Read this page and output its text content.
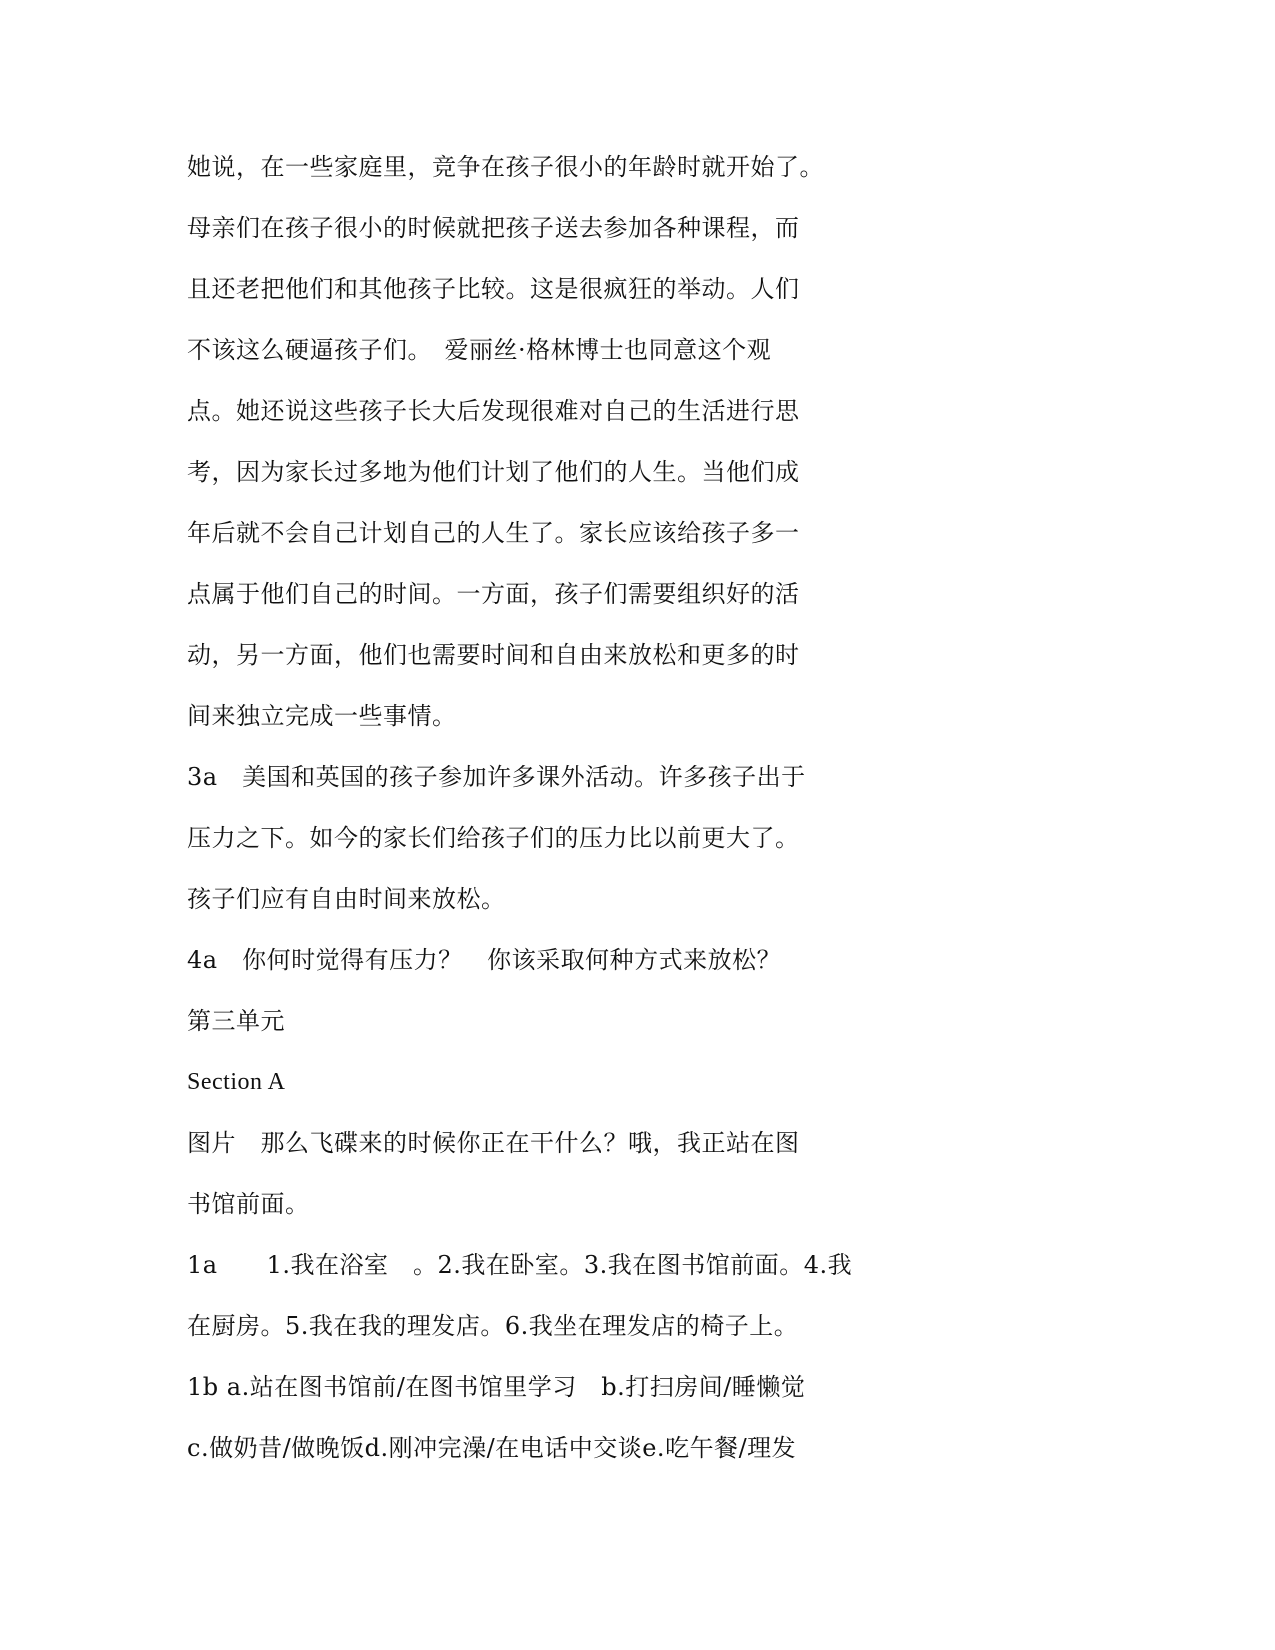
她说，在一些家庭里，竞争在孩子很小的年龄时就开始了。
母亲们在孩子很小的时候就把孩子送去参加各种课程，而
且还老把他们和其他孩子比较。这是很疯狂的举动。人们
不该这么硬逼孩子们。　爱丽丝·格林博士也同意这个观
点。她还说这些孩子长大后发现很难对自己的生活进行思
考，因为家长过多地为他们计划了他们的人生。当他们成
年后就不会自己计划自己的人生了。家长应该给孩子多一
点属于他们自己的时间。一方面，孩子们需要组织好的活
动，另一方面，他们也需要时间和自由来放松和更多的时
间来独立完成一些事情。
3a　美国和英国的孩子参加许多课外活动。许多孩子出于
压力之下。如今的家长们给孩子们的压力比以前更大了。
孩子们应有自由时间来放松。
4a　你何时觉得有压力？　你该采取何种方式来放松？
第三单元
Section A
图片　那么飞碟来的时候你正在干什么？哦，我正站在图
书馆前面。
1a　　1.我在浴室　。2.我在卧室。3.我在图书馆前面。4.我
在厨房。5.我在我的理发店。6.我坐在理发店的椅子上。
1b a.站在图书馆前/在图书馆里学习　b.打扫房间/睡懒觉
c.做奶昔/做晚饭d.刚冲完澡/在电话中交谈e.吃午餐/理发
